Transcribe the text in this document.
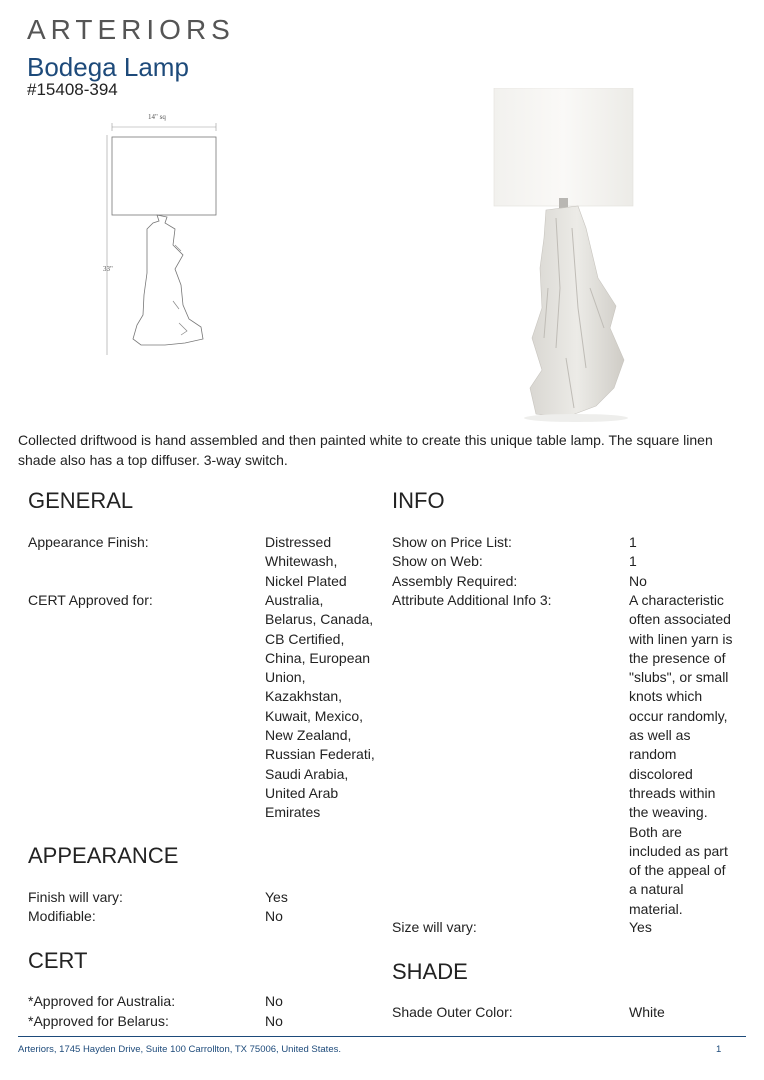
ARTERIORS
Bodega Lamp
#15408-394
14" sq
33"
Collected driftwood is hand assembled and then painted white to create this unique table lamp. The square linen shade also has a top diffuser. 3-way switch.
GENERAL
Appearance Finish:	Distressed
Whitewash,
Nickel Plated
CERT Approved for:	Australia,
Belarus, Canada,
CB Certified,
China, European
Union,
Kazakhstan,
Kuwait, Mexico,
New Zealand,
Russian Federati,
Saudi Arabia,
United Arab
Emirates
APPEARANCE
Finish will vary:	Yes
Modifiable:	No
CERT
*Approved for Australia:	No
*Approved for Belarus:	No
INFO
Show on Price List:	1
Show on Web:	1
Assembly Required:	No
Attribute Additional Info 3:	A characteristic
often associated
with linen yarn is
the presence of
"slubs", or small
knots which
occur randomly,
as well as
random
discolored
threads within
the weaving.
Both are
included as part
of the appeal of
a natural
material.
Size will vary:	Yes
SHADE
Shade Outer Color:	White
Arteriors, 1745 Hayden Drive, Suite 100 Carrollton, TX 75006, United States.	1
